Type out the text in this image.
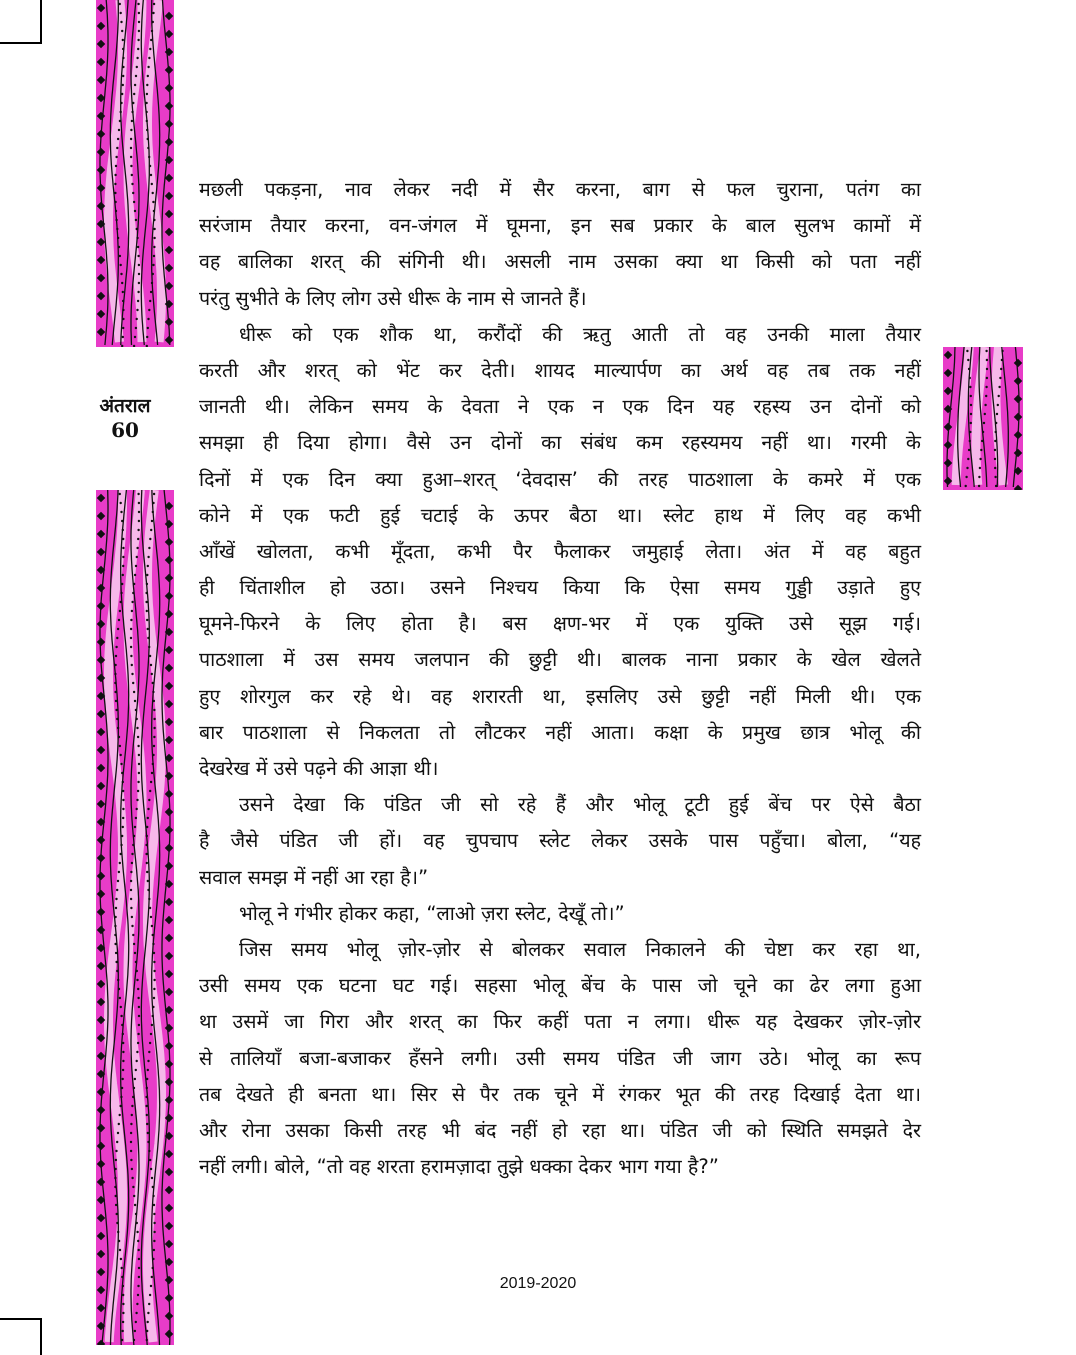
अंतराल
60
मछली पकड़ना, नाव लेकर नदी में सैर करना, बाग से फल चुराना, पतंग का
सरंजाम तैयार करना, वन-जंगल में घूमना, इन सब प्रकार के बाल सुलभ कामों में
वह बालिका शरत् की संगिनी थी। असली नाम उसका क्या था किसी को पता नहीं
परंतु सुभीते के लिए लोग उसे धीरू के नाम से जानते हैं।
धीरू को एक शौक था, करौंदों की ऋतु आती तो वह उनकी माला तैयार
करती और शरत् को भेंट कर देती। शायद माल्यार्पण का अर्थ वह तब तक नहीं
जानती थी। लेकिन समय के देवता ने एक न एक दिन यह रहस्य उन दोनों को
समझा ही दिया होगा। वैसे उन दोनों का संबंध कम रहस्यमय नहीं था। गरमी के
दिनों में एक दिन क्या हुआ–शरत् ‘देवदास’ की तरह पाठशाला के कमरे में एक
कोने में एक फटी हुई चटाई के ऊपर बैठा था। स्लेट हाथ में लिए वह कभी
आँखें खोलता, कभी मूँदता, कभी पैर फैलाकर जमुहाई लेता। अंत में वह बहुत
ही चिंताशील हो उठा। उसने निश्चय किया कि ऐसा समय गुड्डी उड़ाते हुए
घूमने-फिरने के लिए होता है। बस क्षण-भर में एक युक्ति उसे सूझ गई।
पाठशाला में उस समय जलपान की छुट्टी थी। बालक नाना प्रकार के खेल खेलते
हुए शोरगुल कर रहे थे। वह शरारती था, इसलिए उसे छुट्टी नहीं मिली थी। एक
बार पाठशाला से निकलता तो लौटकर नहीं आता। कक्षा के प्रमुख छात्र भोलू की
देखरेख में उसे पढ़ने की आज्ञा थी।
उसने देखा कि पंडित जी सो रहे हैं और भोलू टूटी हुई बेंच पर ऐसे बैठा
है जैसे पंडित जी हों। वह चुपचाप स्लेट लेकर उसके पास पहुँचा। बोला, “यह
सवाल समझ में नहीं आ रहा है।”
भोलू ने गंभीर होकर कहा, “लाओ ज़रा स्लेट, देखूँ तो।”
जिस समय भोलू ज़ोर-ज़ोर से बोलकर सवाल निकालने की चेष्टा कर रहा था,
उसी समय एक घटना घट गई। सहसा भोलू बेंच के पास जो चूने का ढेर लगा हुआ
था उसमें जा गिरा और शरत् का फिर कहीं पता न लगा। धीरू यह देखकर ज़ोर-ज़ोर
से तालियाँ बजा-बजाकर हँसने लगी। उसी समय पंडित जी जाग उठे। भोलू का रूप
तब देखते ही बनता था। सिर से पैर तक चूने में रंगकर भूत की तरह दिखाई देता था।
और रोना उसका किसी तरह भी बंद नहीं हो रहा था। पंडित जी को स्थिति समझते देर
नहीं लगी। बोले, “तो वह शरता हरामज़ादा तुझे धक्का देकर भाग गया है?”
2019-2020
